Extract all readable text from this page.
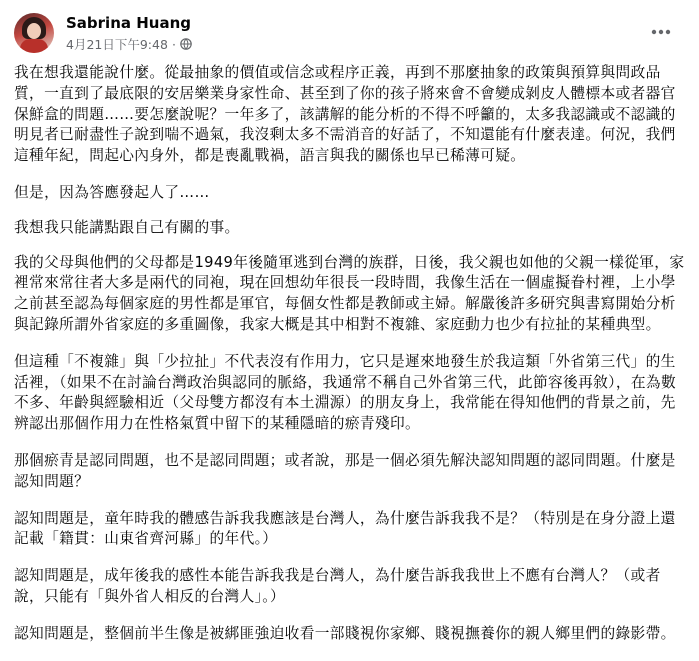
Sabrina Huang
4月21日下午9:48 ·

我在想我還能說什麼。從最抽象的價值或信念或程序正義，再到不那麼抽象的政策與預算與問政品質，一直到了最底限的安居樂業身家性命、甚至到了你的孩子將來會不會變成剝皮人體標本或者器官保鮮盒的問題……要怎麼說呢？一年多了，該講解的能分析的不得不呼籲的，太多我認識或不認識的明見者已耐盡性子說到喘不過氣，我沒剩太多不需消音的好話了，不知還能有什麼表達。何況，我們這種年紀，問起心內身外，都是喪亂戰禍，語言與我的關係也早已稀薄可疑。

但是，因為答應發起人了……

我想我只能講點跟自己有關的事。

我的父母與他們的父母都是1949年後隨軍逃到台灣的族群，日後，我父親也如他的父親一樣從軍，家裡常來常往者大多是兩代的同袍，現在回想幼年很長一段時間，我像生活在一個虛擬眷村裡，上小學之前甚至認為每個家庭的男性都是軍官，每個女性都是教師或主婦。解嚴後許多研究與書寫開始分析與記錄所謂外省家庭的多重圖像，我家大概是其中相對不複雜、家庭動力也少有拉扯的某種典型。

但這種「不複雜」與「少拉扯」不代表沒有作用力，它只是遲來地發生於我這類「外省第三代」的生活裡，（如果不在討論台灣政治與認同的脈絡，我通常不稱自己外省第三代，此節容後再敘），在為數不多、年齡與經驗相近（父母雙方都沒有本土淵源）的朋友身上，我常能在得知他們的背景之前，先辨認出那個作用力在性格氣質中留下的某種隱暗的瘀青殘印。

那個瘀青是認同問題，也不是認同問題；或者說，那是一個必須先解決認知問題的認同問題。什麼是認知問題？

認知問題是，童年時我的體感告訴我我應該是台灣人，為什麼告訴我我不是？（特別是在身分證上還記載「籍貫：山東省齊河縣」的年代。）

認知問題是，成年後我的感性本能告訴我我是台灣人，為什麼告訴我我世上不應有台灣人？（或者說，只能有「與外省人相反的台灣人」。）

認知問題是，整個前半生像是被綁匪強迫收看一部賤視你家鄉、賤視撫養你的親人鄉里們的錄影帶。
